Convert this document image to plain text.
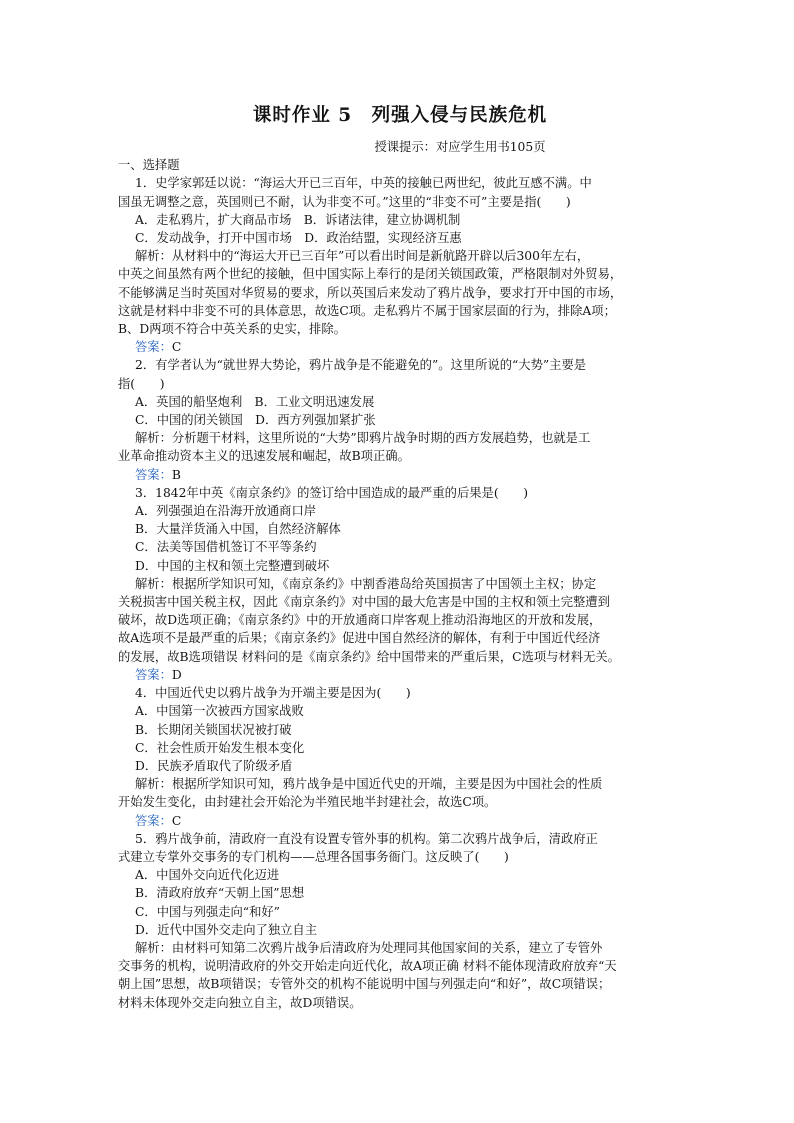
课时作业 5　列强入侵与民族危机
授课提示：对应学生用书105页
一、选择题
1．史学家郭廷以说：“海运大开已三百年，中英的接触已两世纪，彼此互感不满。中
国虽无调整之意，英国则已不耐，认为非变不可。”这里的“非变不可”主要是指(　　)
A．走私鸦片，扩大商品市场　B．诉诸法律，建立协调机制
C．发动战争，打开中国市场　D．政治结盟，实现经济互惠
解析：从材料中的“海运大开已三百年”可以看出时间是新航路开辟以后300年左右，
中英之间虽然有两个世纪的接触，但中国实际上奉行的是闭关锁国政策，严格限制对外贸易，
不能够满足当时英国对华贸易的要求，所以英国后来发动了鸦片战争，要求打开中国的市场，
这就是材料中非变不可的具体意思，故选C项。走私鸦片不属于国家层面的行为，排除A项；
B、D两项不符合中英关系的史实，排除。
答案：C
2．有学者认为“就世界大势论，鸦片战争是不能避免的”。这里所说的“大势”主要是
指(　　)
A．英国的船坚炮利　B．工业文明迅速发展
C．中国的闭关锁国　D．西方列强加紧扩张
解析：分析题干材料，这里所说的“大势”即鸦片战争时期的西方发展趋势，也就是工
业革命推动资本主义的迅速发展和崛起，故B项正确。
答案：B
3．1842年中英《南京条约》的签订给中国造成的最严重的后果是(　　)
A．列强强迫在沿海开放通商口岸
B．大量洋货涌入中国，自然经济解体
C．法美等国借机签订不平等条约
D．中国的主权和领土完整遭到破坏
解析：根据所学知识可知，《南京条约》中割香港岛给英国损害了中国领土主权；协定
关税损害中国关税主权，因此《南京条约》对中国的最大危害是中国的主权和领土完整遭到
破坏，故D选项正确；《南京条约》中的开放通商口岸客观上推动沿海地区的开放和发展，
故A选项不是最严重的后果；《南京条约》促进中国自然经济的解体，有利于中国近代经济
的发展，故B选项错误 材料问的是《南京条约》给中国带来的严重后果，C选项与材料无关。
答案：D
4．中国近代史以鸦片战争为开端主要是因为(　　)
A．中国第一次被西方国家战败
B．长期闭关锁国状况被打破
C．社会性质开始发生根本变化
D．民族矛盾取代了阶级矛盾
解析：根据所学知识可知，鸦片战争是中国近代史的开端，主要是因为中国社会的性质
开始发生变化，由封建社会开始沦为半殖民地半封建社会，故选C项。
答案：C
5．鸦片战争前，清政府一直没有设置专管外事的机构。第二次鸦片战争后，清政府正
式建立专掌外交事务的专门机构——总理各国事务衙门。这反映了(　　)
A．中国外交向近代化迈进
B．清政府放弃“天朝上国”思想
C．中国与列强走向“和好”
D．近代中国外交走向了独立自主
解析：由材料可知第二次鸦片战争后清政府为处理同其他国家间的关系，建立了专管外
交事务的机构，说明清政府的外交开始走向近代化，故A项正确 材料不能体现清政府放弃“天
朝上国”思想，故B项错误；专管外交的机构不能说明中国与列强走向“和好”，故C项错误；
材料未体现外交走向独立自主，故D项错误。
